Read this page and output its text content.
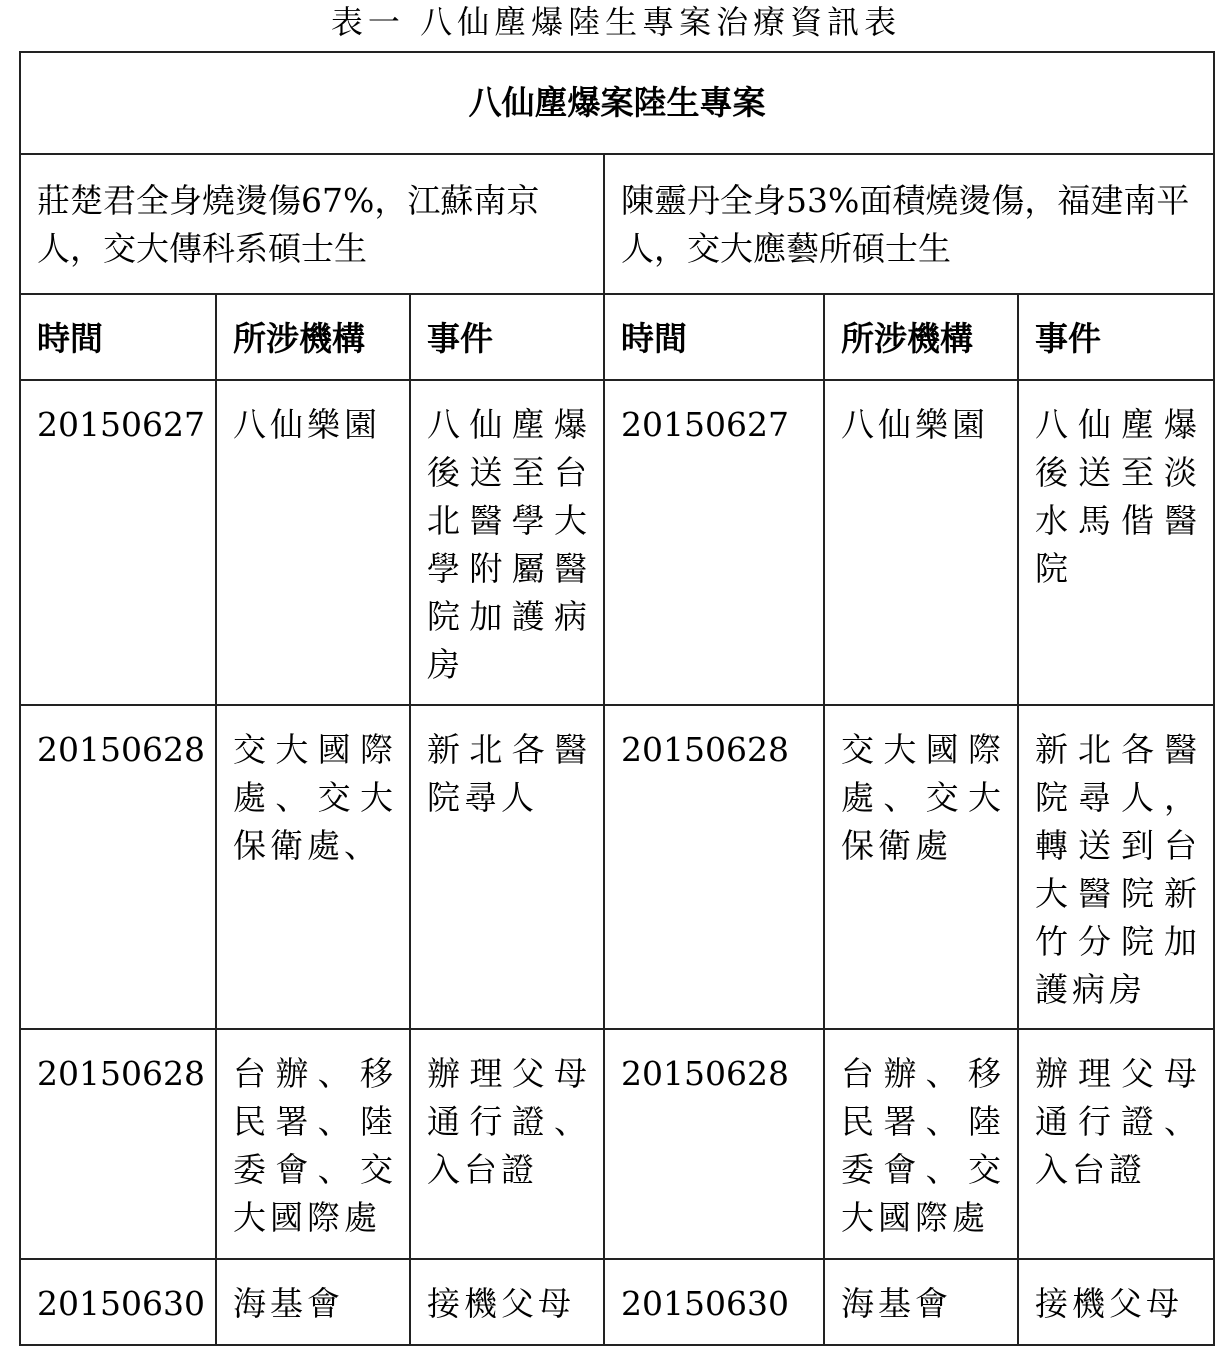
表一 八仙塵爆陸生專案治療資訊表
八仙塵爆案陸生專案					
莊楚君全身燒燙傷67%，江蘇南京人，交大傳科系碩士生			陳靈丹全身53%面積燒燙傷，福建南平人，交大應藝所碩士生		
時間	所涉機構	事件	時間	所涉機構	事件
20150627	八仙樂園	八仙塵爆後送至台北醫學大學附屬醫院加護病房	20150627	八仙樂園	八仙塵爆後送至淡水馬偕醫院
20150628	交大國際處、交大保衛處、	新北各醫院尋人	20150628	交大國際處、交大保衛處	新北各醫院尋人，轉送到台大醫院新竹分院加護病房
20150628	台辦、移民署、陸委會、交大國際處	辦理父母通行證、入台證	20150628	台辦、移民署、陸委會、交大國際處	辦理父母通行證、入台證
20150630	海基會	接機父母	20150630	海基會	接機父母
